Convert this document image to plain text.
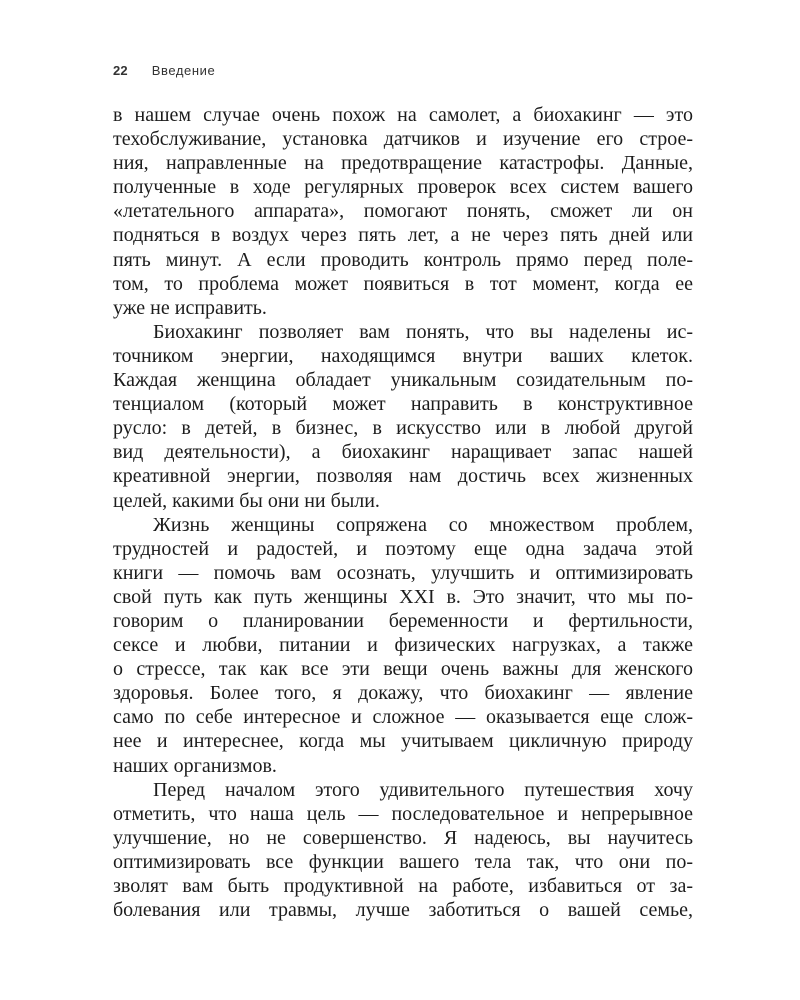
22 Введение
в нашем случае очень похож на самолет, а биохакинг — это
техобслуживание, установка датчиков и изучение его строе-
ния, направленные на предотвращение катастрофы. Данные,
полученные в ходе регулярных проверок всех систем вашего
«летательного аппарата», помогают понять, сможет ли он
подняться в воздух через пять лет, а не через пять дней или
пять минут. А если проводить контроль прямо перед поле-
том, то проблема может появиться в тот момент, когда ее
уже не исправить.
Биохакинг позволяет вам понять, что вы наделены ис-
точником энергии, находящимся внутри ваших клеток.
Каждая женщина обладает уникальным созидательным по-
тенциалом (который может направить в конструктивное
русло: в детей, в бизнес, в искусство или в любой другой
вид деятельности), а биохакинг наращивает запас нашей
креативной энергии, позволяя нам достичь всех жизненных
целей, какими бы они ни были.
Жизнь женщины сопряжена со множеством проблем,
трудностей и радостей, и поэтому еще одна задача этой
книги — помочь вам осознать, улучшить и оптимизировать
свой путь как путь женщины XXI в. Это значит, что мы по-
говорим о планировании беременности и фертильности,
сексе и любви, питании и физических нагрузках, а также
о стрессе, так как все эти вещи очень важны для женского
здоровья. Более того, я докажу, что биохакинг — явление
само по себе интересное и сложное — оказывается еще слож-
нее и интереснее, когда мы учитываем цикличную природу
наших организмов.
Перед началом этого удивительного путешествия хочу
отметить, что наша цель — последовательное и непрерывное
улучшение, но не совершенство. Я надеюсь, вы научитесь
оптимизировать все функции вашего тела так, что они по-
зволят вам быть продуктивной на работе, избавиться от за-
болевания или травмы, лучше заботиться о вашей семье,
